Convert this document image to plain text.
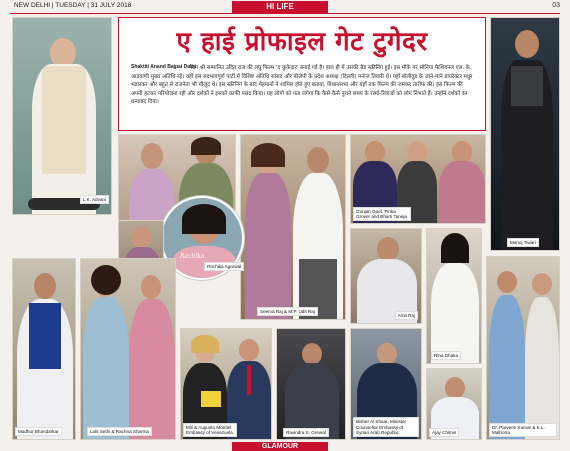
NEW DELHI | TUESDAY | 31 JULY 2018	HI LIFE	03
L.K. Advani
ए हाई प्रोफाइल गेट टुगेदर
पदम श्री सम्मानित उदित राज की लघु फिल्म 'द कुकेदार' बनाई गई है। हाल ही में उसकी बैड स्क्रीनिंग हुई। इस मौके पर सोनिया फैशियनल एल. के. आडवाणी मुख्य अतिथि रहे। वहाँ इस सदभावपूर्ण पार्टी में विशिष्ट अतिथि सांसद और बीजेपी के प्रदेश अध्यक्ष (दिल्ली) मनोज तिवारी थे। यहाँ बॉलीवुड के जाने-माने डायरेक्टर मधुर भंडारकर और बहुत से राजनेता भी मौजूद थे। इस स्क्रीनिंग के बाद मेहमानों ने शामिल होते हुए बताया, विधानसभा और यहाँ तक फिल्म की जमकर तारीफ की। इस फिल्म की अपनी हटकर परियोजना रही और दर्शकों ने इसको काफी पसंद किया। यह लोगों को पता लगेगा कि कैसे-कैसे पुराने समय के रस्मों-रिवाजों को लोग निभाते हैं। उन्होंने दर्शकों का धन्यवाद दिया।
Shaktiti Anand Bajpai Delhi
Manoj Tiwari
Seema Raj & M.P. Udit Raj
Gunjan Goel, Pinka Grover and Bharti Taneja
Rechika
Rechika Agarwal
Madhur Bhandarkar	Lalit Sethi & Rachna Sharma
Mili & Augusto Montiel Embassy of Venezuela	Ravindra S. Grewal
Bisher Al Shaar, Minister Counsellor Embassy of Syrian Arab Republic
Amit Raj
Rina Dhaka
Ajay Chitnis
Dr. Parveen Kumar & K.L. Malhotra
GLAMOUR
